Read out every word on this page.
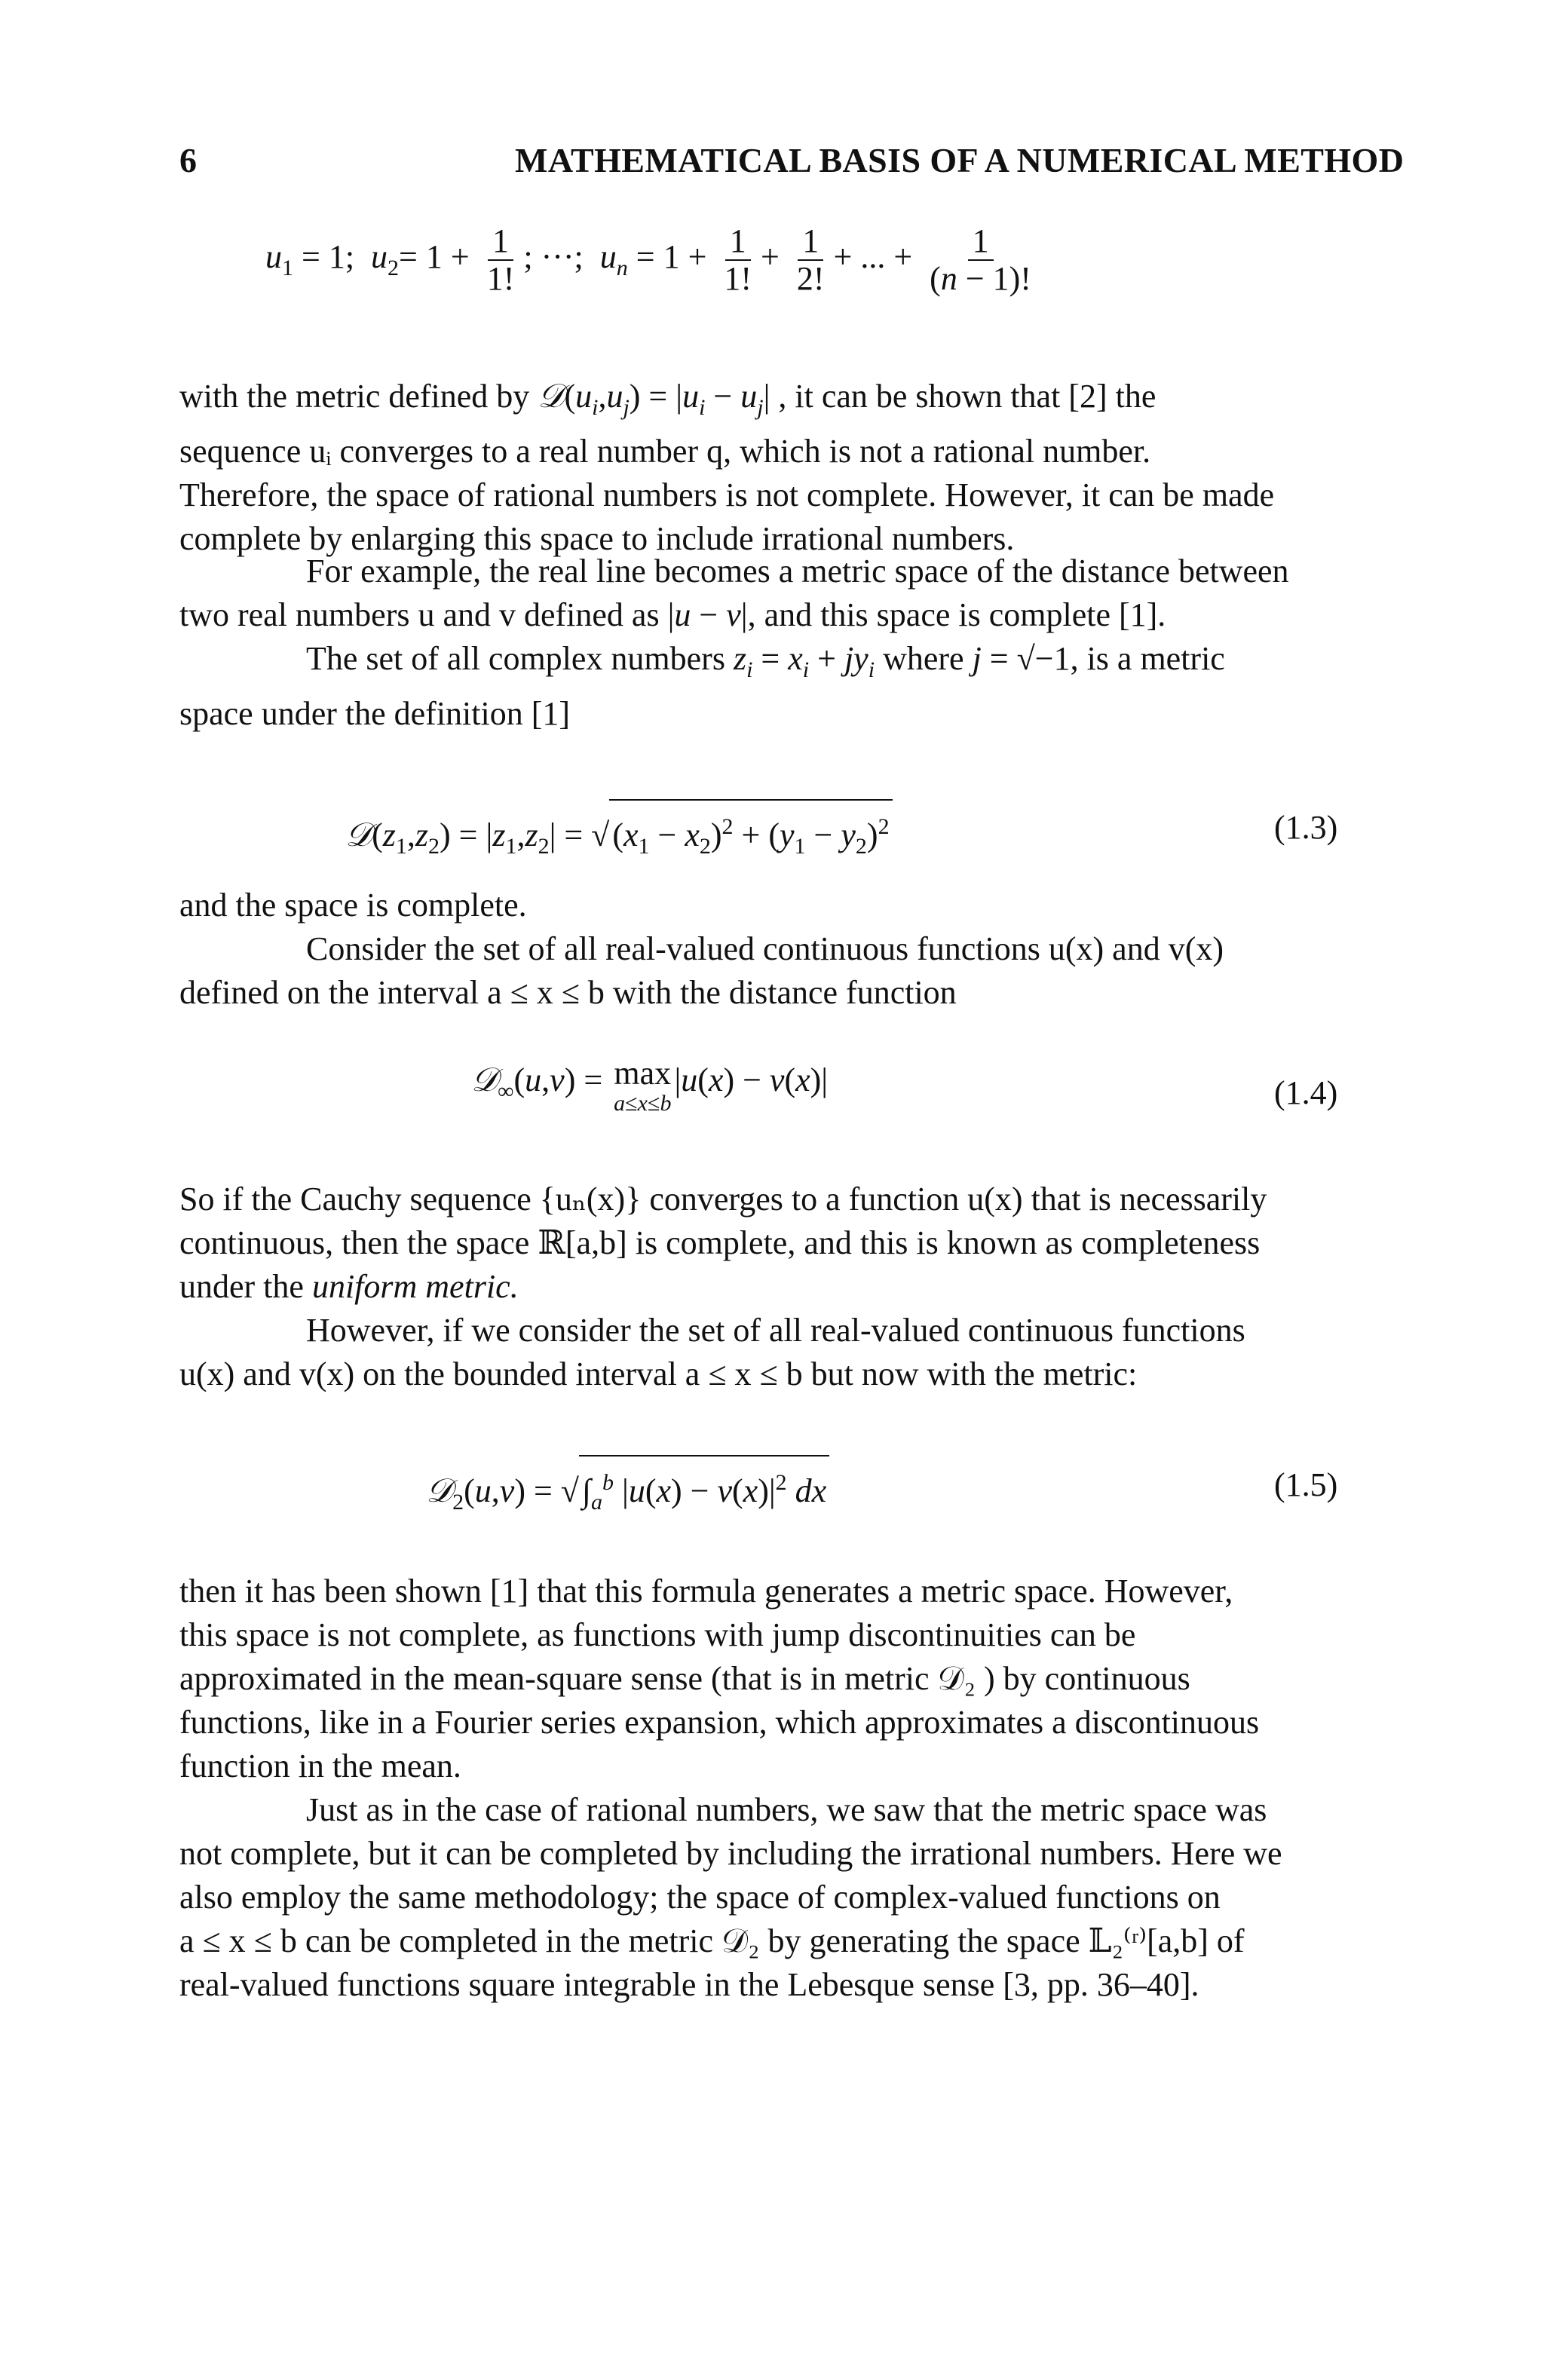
6	MATHEMATICAL BASIS OF A NUMERICAL METHOD
$u_1 = 1$;  $u_2= 1 + \frac{1}{1!}$ ; ···;  $u_n = 1 + \frac{1}{1!} + \frac{1}{2!}$ + ... + $\frac{1}{(n - 1)!}$
with the metric defined by $𝒟(u_i,u_j) = |u_i - u_j|$ , it can be shown that [2] the
sequence uᵢ converges to a real number q, which is not a rational number.
Therefore, the space of rational numbers is not complete. However, it can be made
complete by enlarging this space to include irrational numbers.
For example, the real line becomes a metric space of the distance between
two real numbers u and v defined as |u − v|, and this space is complete [1].
The set of all complex numbers $z_i = x_i + jy_i$ where j = √−1, is a metric
space under the definition [1]
$𝒟(z_1,z_2) = |z_1,z_2| = √(x_1 - x_2)^2 + (y_1 - y_2)^2$	(1.3)
and the space is complete.
Consider the set of all real-valued continuous functions u(x) and v(x)
defined on the interval a ≤ x ≤ b with the distance function
𝒟$_\infty$(u,v) = max
a≤x≤b
|u(x) − v(x)|	(1.4)
So if the Cauchy sequence {uₙ(x)} converges to a function u(x) that is necessarily
continuous, then the space ℝ[a,b] is complete, and this is known as completeness
under the uniform metric.
However, if we consider the set of all real-valued continuous functions
u(x) and v(x) on the bounded interval a ≤ x ≤ b but now with the metric:
𝒟$_2$(u,v) = $√\int_a^b$ $|u(x) - v(x)|^2$ dx	(1.5)
then it has been shown [1] that this formula generates a metric space. However,
this space is not complete, as functions with jump discontinuities can be
approximated in the mean-square sense (that is in metric 𝒟₂ ) by continuous
functions, like in a Fourier series expansion, which approximates a discontinuous
function in the mean.
Just as in the case of rational numbers, we saw that the metric space was
not complete, but it can be completed by including the irrational numbers. Here we
also employ the same methodology; the space of complex-valued functions on
a ≤ x ≤ b can be completed in the metric 𝒟₂ by generating the space 𝕃₂⁽ʳ⁾[a,b] of
real-valued functions square integrable in the Lebesque sense [3, pp. 36–40].
